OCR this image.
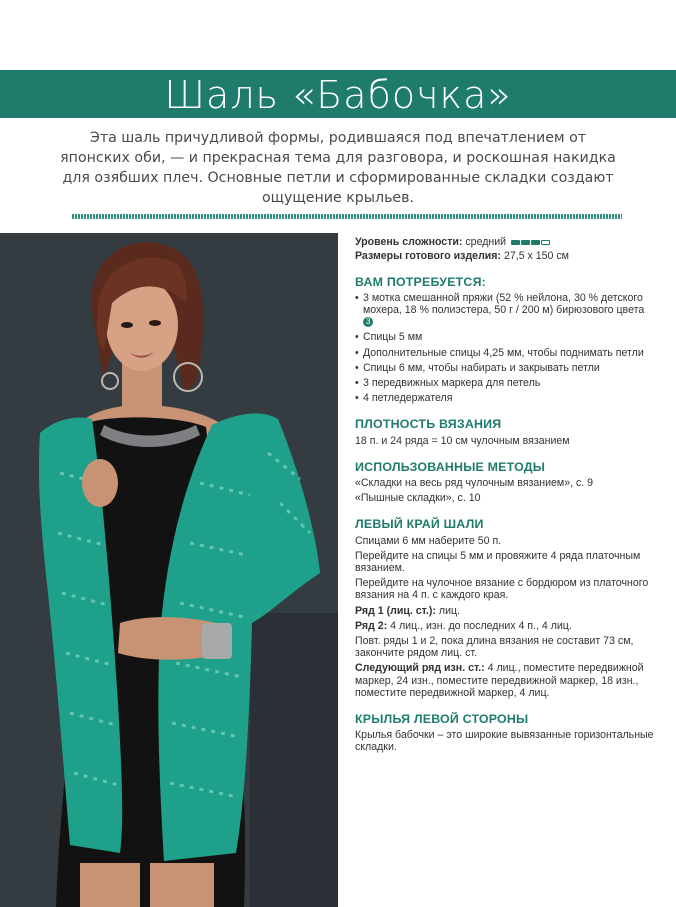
Шаль «Бабочка»
Эта шаль причудливой формы, родившаяся под впечатлением от японских оби, — и прекрасная тема для разговора, и роскошная накидка для озябших плеч. Основные петли и сформированные складки создают ощущение крыльев.

Уровень сложности: средний

Размеры готового изделия: 27,5 х 150 см

ВАМ ПОТРЕБУЕТСЯ:
• 3 мотка смешанной пряжи (52 % нейлона, 30 % детского мохера, 18 % полиэстера, 50 г / 200 м) бирюзового цвета 3
• Спицы 5 мм
• Дополнительные спицы 4,25 мм, чтобы поднимать петли
• Спицы 6 мм, чтобы набирать и закрывать петли
• 3 передвижных маркера для петель
• 4 петледержателя
ПЛОТНОСТЬ ВЯЗАНИЯ

18 п. и 24 ряда = 10 см чулочным вязанием

ИСПОЛЬЗОВАННЫЕ МЕТОДЫ

«Складки на весь ряд чулочным вязанием», с. 9

«Пышные складки», с. 10

ЛЕВЫЙ КРАЙ ШАЛИ

Спицами 6 мм наберите 50 п.

Перейдите на спицы 5 мм и провяжите 4 ряда платочным вязанием.

Перейдите на чулочное вязание с бордюром из платочного вязания на 4 п. с каждого края.

Ряд 1 (лиц. ст.): лиц.

Ряд 2: 4 лиц., изн. до последних 4 п., 4 лиц.

Повт. ряды 1 и 2, пока длина вязания не составит 73 см, закончите рядом лиц. ст.

Следующий ряд изн. ст.: 4 лиц., поместите передвижной маркер, 24 изн., поместите передвижной маркер, 18 изн., поместите передвижной маркер, 4 лиц.

КРЫЛЬЯ ЛЕВОЙ СТОРОНЫ

Крылья бабочки – это широкие вывязанные горизонтальные складки.
